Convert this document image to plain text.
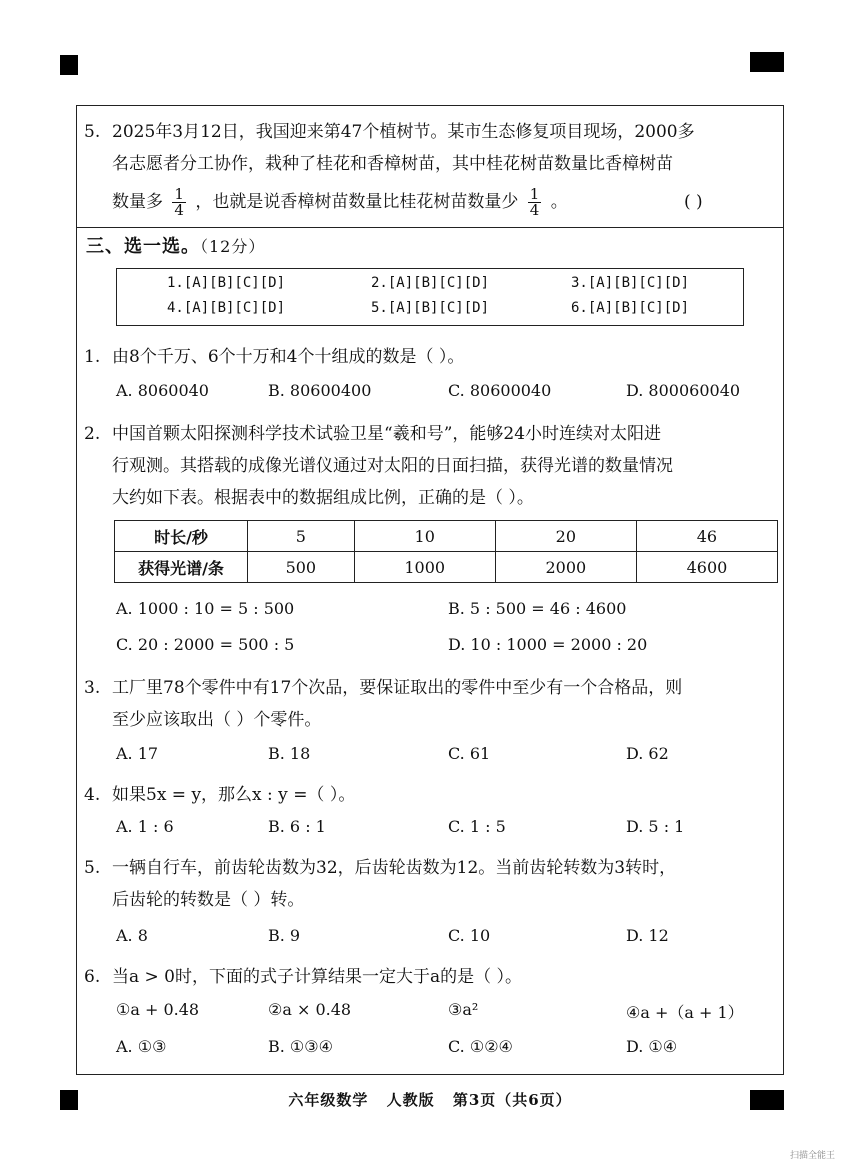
5. 2025年3月12日，我国迎来第47个植树节。某市生态修复项目现场，2000多
名志愿者分工协作，栽种了桂花和香樟树苗，其中桂花树苗数量比香樟树苗
数量多 $\frac{1}{4}$ ，也就是说香樟树苗数量比桂花树苗数量少 $\frac{1}{4}$ 。	( )
三、选一选。（12分）
1.[A][B][C][D]	2.[A][B][C][D]	3.[A][B][C][D]
4.[A][B][C][D]	5.[A][B][C][D]	6.[A][B][C][D]
1. 由8个千万、6个十万和4个十组成的数是（ ）。
A. 8060040	B. 80600400	C. 80600040	D. 800060040
2. 中国首颗太阳探测科学技术试验卫星“羲和号”，能够24小时连续对太阳进
行观测。其搭载的成像光谱仪通过对太阳的日面扫描，获得光谱的数量情况
大约如下表。根据表中的数据组成比例，正确的是（ ）。
时长/秒	5	10	20	46
获得光谱/条	500	1000	2000	4600
A. 1000 : 10 = 5 : 500	B. 5 : 500 = 46 : 4600
C. 20 : 2000 = 500 : 5	D. 10 : 1000 = 2000 : 20
3. 工厂里78个零件中有17个次品，要保证取出的零件中至少有一个合格品，则
至少应该取出（ ）个零件。
A. 17	B. 18	C. 61	D. 62
4. 如果5x = y，那么x : y =（ ）。
A. 1 : 6	B. 6 : 1	C. 1 : 5	D. 5 : 1
5. 一辆自行车，前齿轮齿数为32，后齿轮齿数为12。当前齿轮转数为3转时，
后齿轮的转数是（ ）转。
A. 8	B. 9	C. 10	D. 12
6. 当a > 0时，下面的式子计算结果一定大于a的是（ ）。
①a + 0.48	②a × 0.48	③a²	④a +（a + 1）
A. ①③	B. ①③④	C. ①②④	D. ①④
六年级数学 人教版 第3页（共6页）
扫描全能王
